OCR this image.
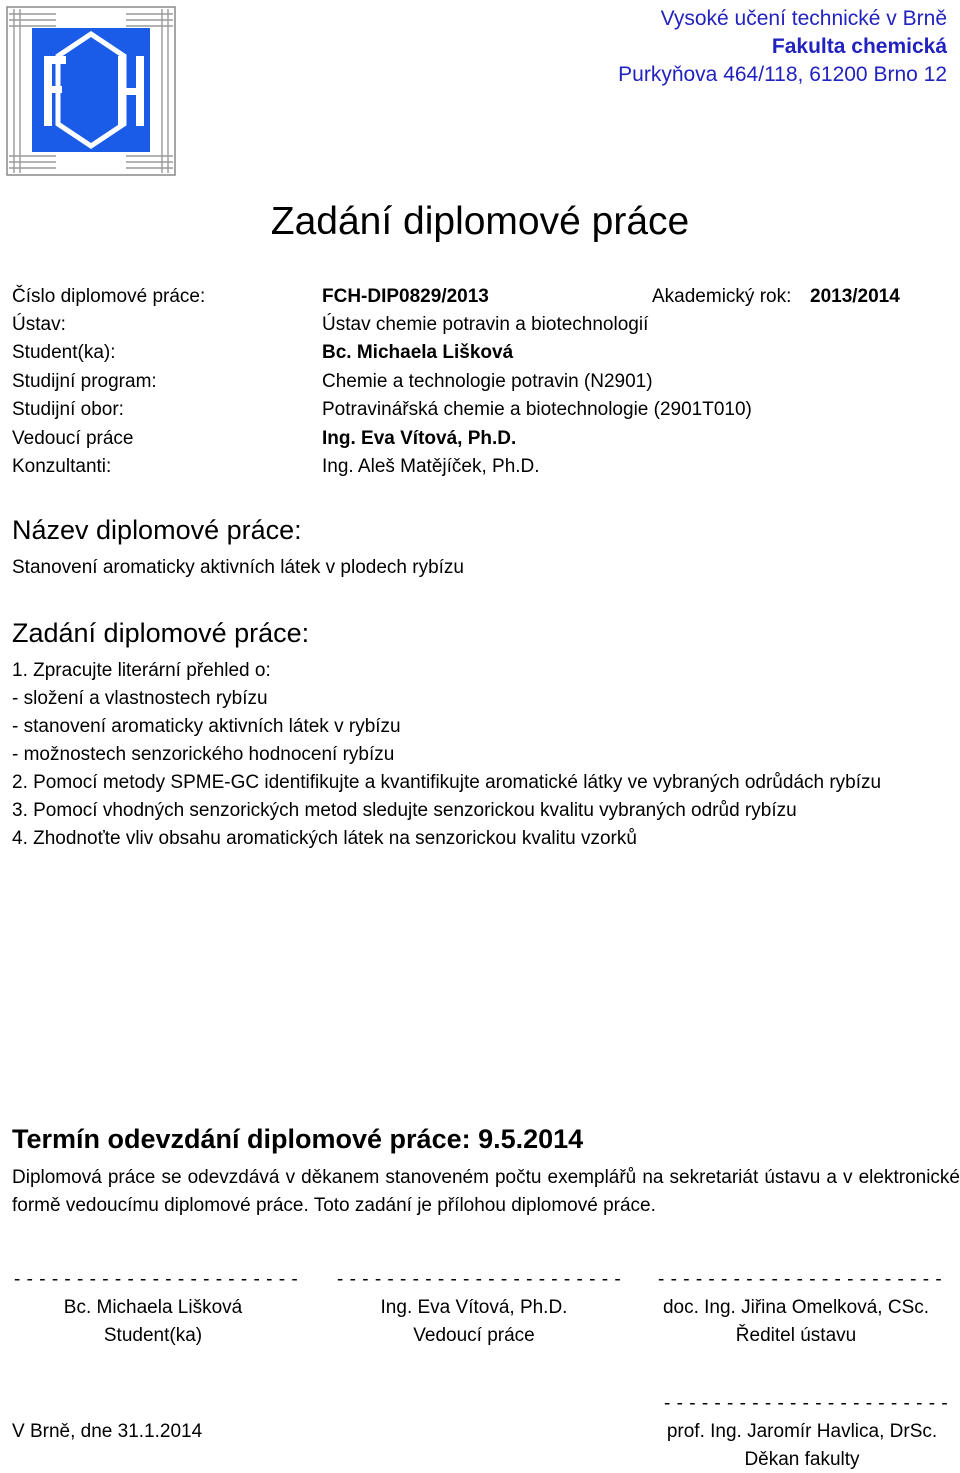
Vysoké učení technické v Brně
Fakulta chemická
Purkyňova 464/118, 61200 Brno 12
Zadání diplomové práce
Číslo diplomové práce:	FCH-DIP0829/2013	Akademický rok: 2013/2014
Ústav:	Ústav chemie potravin a biotechnologií
Student(ka):	Bc. Michaela Lišková
Studijní program:	Chemie a technologie potravin (N2901)
Studijní obor:	Potravinářská chemie a biotechnologie (2901T010)
Vedoucí práce	Ing. Eva Vítová, Ph.D.
Konzultanti:	Ing. Aleš Matějíček, Ph.D.
Název diplomové práce:
Stanovení aromaticky aktivních látek v plodech rybízu
Zadání diplomové práce:
1. Zpracujte literární přehled o:
- složení a vlastnostech rybízu
- stanovení aromaticky aktivních látek v rybízu
- možnostech senzorického hodnocení rybízu
2. Pomocí metody SPME-GC identifikujte a kvantifikujte aromatické látky ve vybraných odrůdách rybízu
3. Pomocí vhodných senzorických metod sledujte senzorickou kvalitu vybraných odrůd rybízu
4. Zhodnoťte vliv obsahu aromatických látek na senzorickou kvalitu vzorků
Termín odevzdání diplomové práce: 9.5.2014
Diplomová práce se odevzdává v děkanem stanoveném počtu exemplářů na sekretariát ústavu a v elektronické formě vedoucímu diplomové práce. Toto zadání je přílohou diplomové práce.
- - - - - - - - - - - - - - - - - - - - - - -
Bc. Michaela Lišková
Student(ka)
- - - - - - - - - - - - - - - - - - - - - - -
Ing. Eva Vítová, Ph.D.
Vedoucí práce
- - - - - - - - - - - - - - - - - - - - - - -
doc. Ing. Jiřina Omelková, CSc.
Ředitel ústavu
- - - - - - - - - - - - - - - - - - - - - - -
V Brně, dne 31.1.2014	prof. Ing. Jaromír Havlica, DrSc.
Děkan fakulty
